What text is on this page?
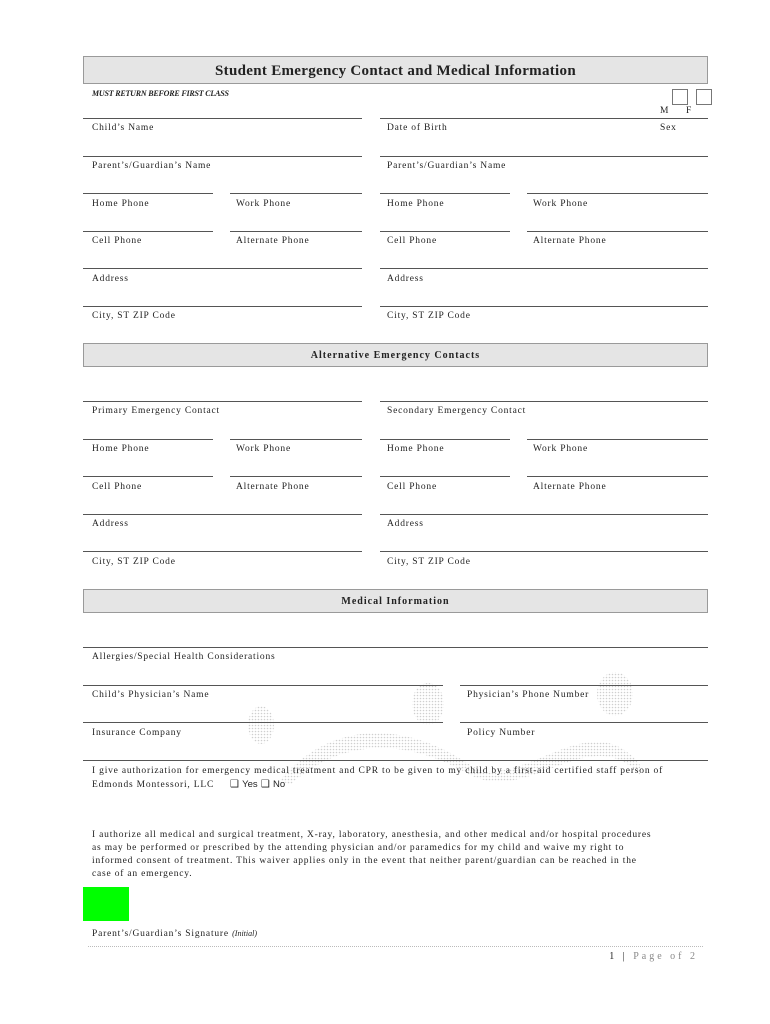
Student Emergency Contact and Medical Information
MUST RETURN BEFORE FIRST CLASS
M F
Child’s Name	Date of Birth	Sex
Parent’s/Guardian’s Name	Parent’s/Guardian’s Name
Home Phone	Work Phone	Home Phone	Work Phone
Cell Phone	Alternate Phone	Cell Phone	Alternate Phone
Address	Address
City, ST ZIP Code	City, ST ZIP Code
Alternative Emergency Contacts
Primary Emergency Contact	Secondary Emergency Contact
Home Phone	Work Phone	Home Phone	Work Phone
Cell Phone	Alternate Phone	Cell Phone	Alternate Phone
Address	Address
City, ST ZIP Code	City, ST ZIP Code
Medical Information
Allergies/Special Health Considerations
Child’s Physician’s Name	Physician’s Phone Number
Insurance Company	Policy Number
I give authorization for emergency medical treatment and CPR to be given to my child by a first-aid certified staff person of
Edmonds Montessori, LLC ❑ Yes ❑ No
I authorize all medical and surgical treatment, X-ray, laboratory, anesthesia, and other medical and/or hospital procedures
as may be performed or prescribed by the attending physician and/or paramedics for my child and waive my right to
informed consent of treatment. This waiver applies only in the event that neither parent/guardian can be reached in the
case of an emergency.
Parent’s/Guardian’s Signature (Initial)
1 | Page of 2
